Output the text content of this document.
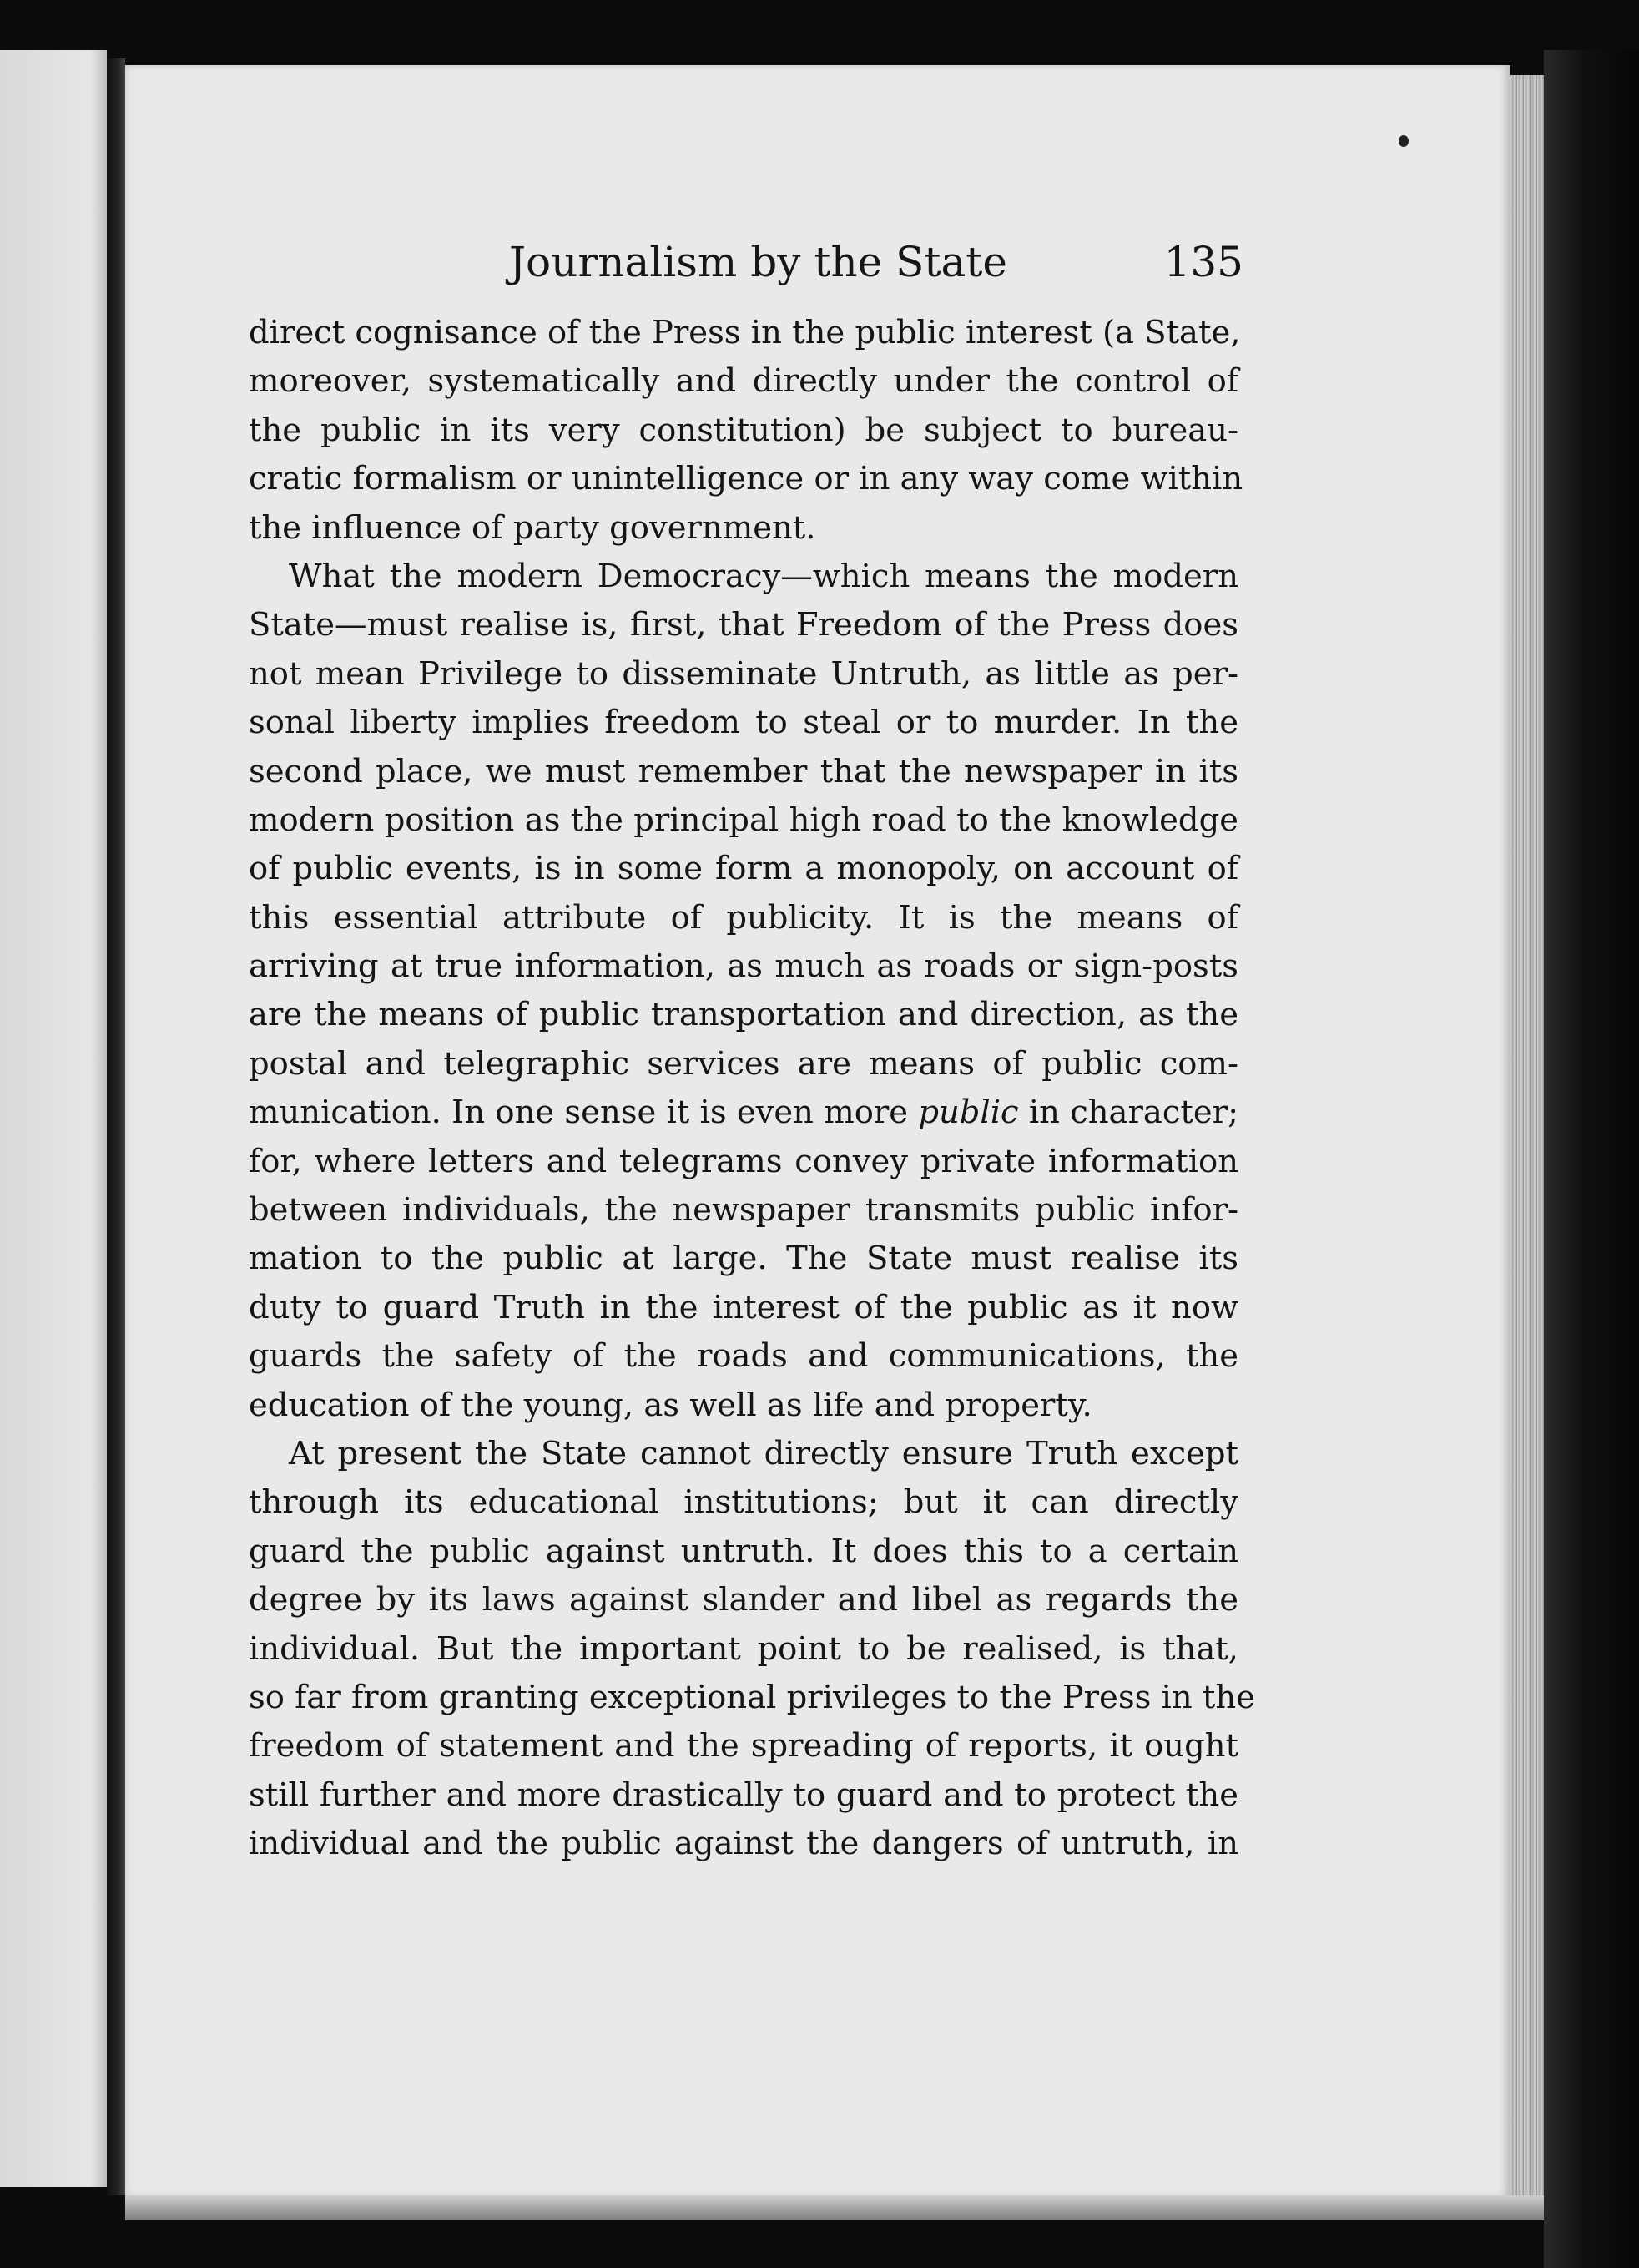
Journalism by the State	135
direct cognisance of the Press in the public interest (a State,
moreover, systematically and directly under the control of
the public in its very constitution) be subject to bureau-
cratic formalism or unintelligence or in any way come within
the influence of party government.
What the modern Democracy—which means the modern
State—must realise is, first, that Freedom of the Press does
not mean Privilege to disseminate Untruth, as little as per-
sonal liberty implies freedom to steal or to murder. In the
second place, we must remember that the newspaper in its
modern position as the principal high road to the knowledge
of public events, is in some form a monopoly, on account of
this essential attribute of publicity. It is the means of
arriving at true information, as much as roads or sign-posts
are the means of public transportation and direction, as the
postal and telegraphic services are means of public com-
munication. In one sense it is even more public in character;
for, where letters and telegrams convey private information
between individuals, the newspaper transmits public infor-
mation to the public at large. The State must realise its
duty to guard Truth in the interest of the public as it now
guards the safety of the roads and communications, the
education of the young, as well as life and property.
At present the State cannot directly ensure Truth except
through its educational institutions; but it can directly
guard the public against untruth. It does this to a certain
degree by its laws against slander and libel as regards the
individual. But the important point to be realised, is that,
so far from granting exceptional privileges to the Press in the
freedom of statement and the spreading of reports, it ought
still further and more drastically to guard and to protect the
individual and the public against the dangers of untruth, in
